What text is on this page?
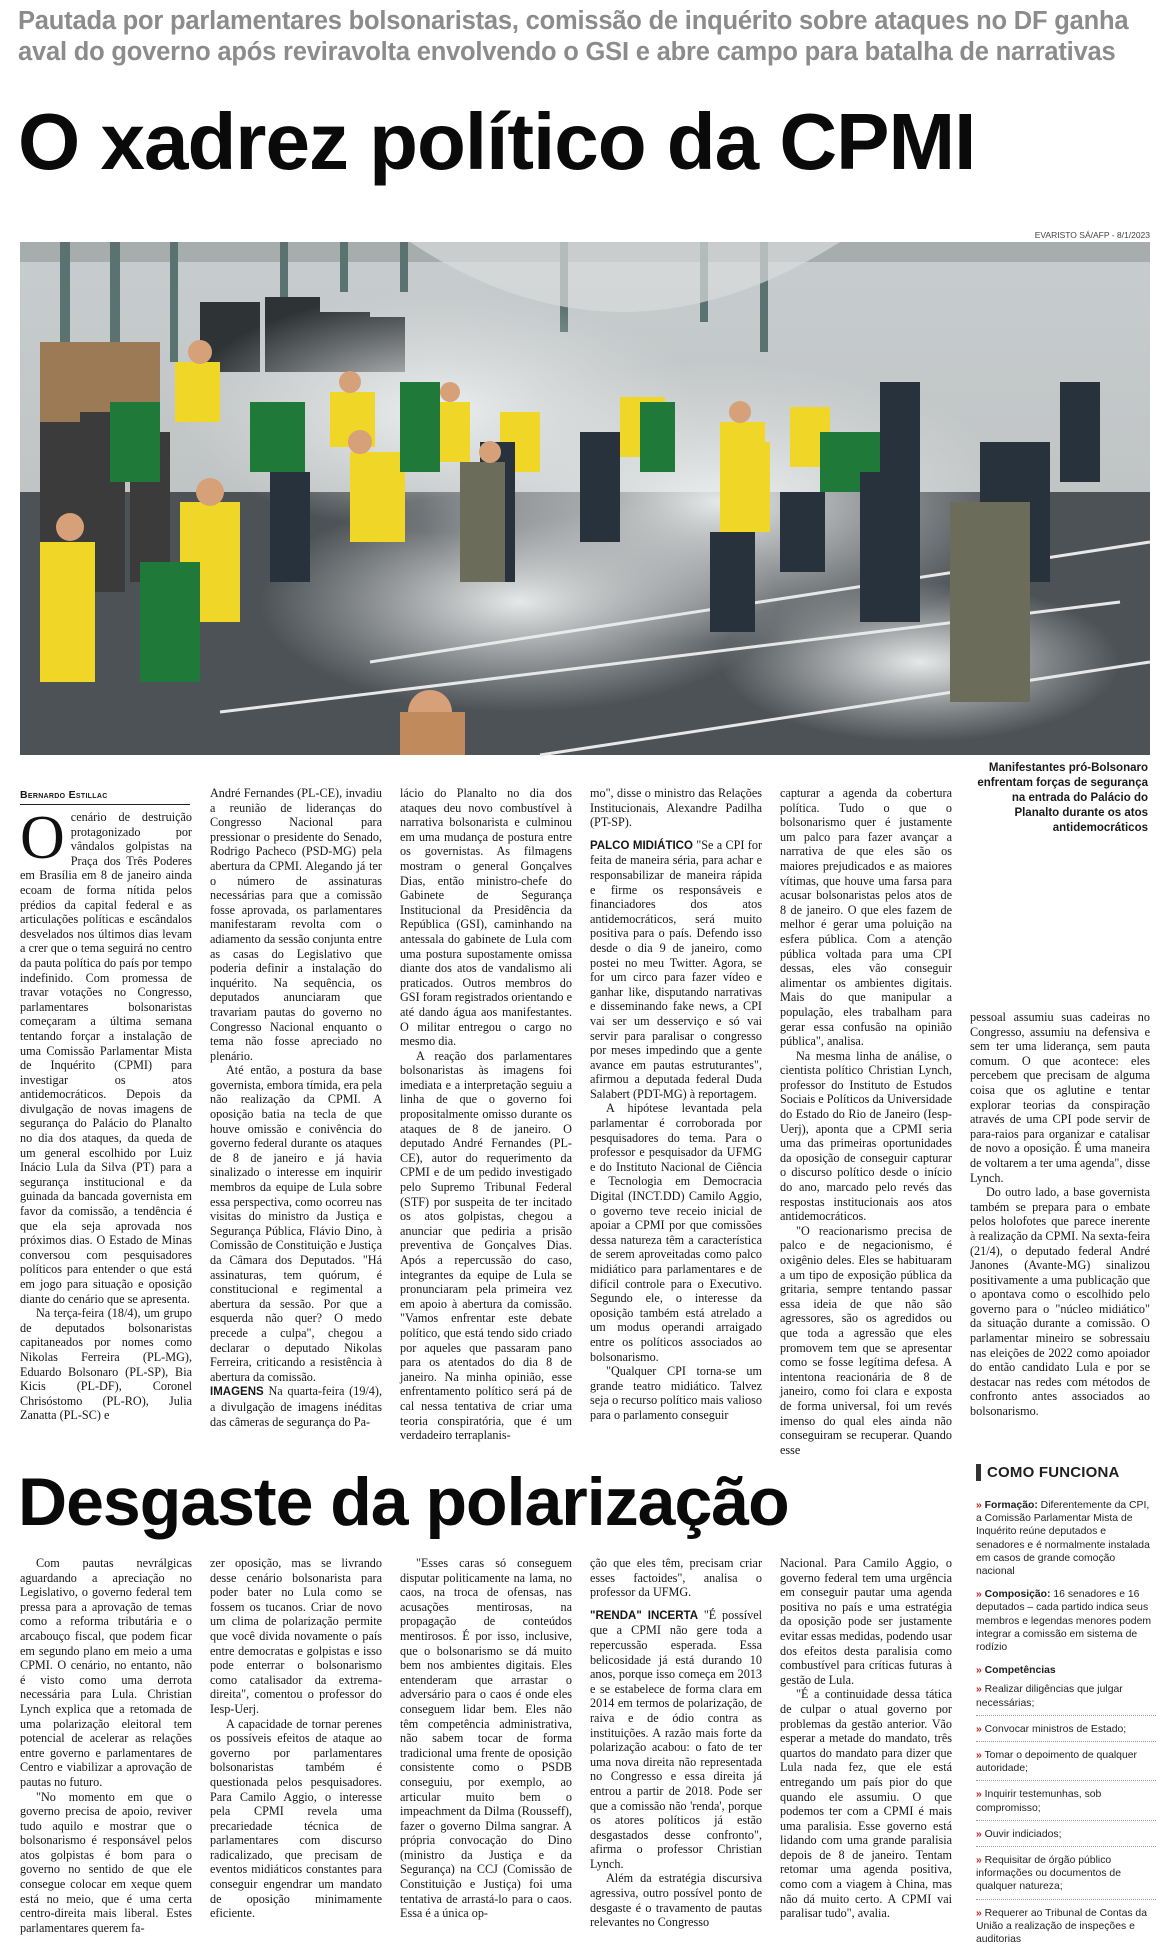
Pautada por parlamentares bolsonaristas, comissão de inquérito sobre ataques no DF ganha aval do governo após reviravolta envolvendo o GSI e abre campo para batalha de narrativas
O xadrez político da CPMI
EVARISTO SÁ/AFP - 8/1/2023
Manifestantes pró-Bolsonaro enfrentam forças de segurança na entrada do Palácio do Planalto durante os atos antidemocráticos
Bernardo Estillac

Ocenário de destruição protagonizado por vândalos golpistas na Praça dos Três Poderes em Brasília em 8 de janeiro ainda ecoam de forma nítida pelos prédios da capital federal e as articulações políticas e escândalos desvelados nos últimos dias levam a crer que o tema seguirá no centro da pauta política do país por tempo indefinido. Com promessa de travar votações no Congresso, parlamentares bolsonaristas começaram a última semana tentando forçar a instalação de uma Comissão Parlamentar Mista de Inquérito (CPMI) para investigar os atos antidemocráticos. Depois da divulgação de novas imagens de segurança do Palácio do Planalto no dia dos ataques, da queda de um general escolhido por Luiz Inácio Lula da Silva (PT) para a segurança institucional e da guinada da bancada governista em favor da comissão, a tendência é que ela seja aprovada nos próximos dias. O Estado de Minas conversou com pesquisadores políticos para entender o que está em jogo para situação e oposição diante do cenário que se apresenta.

Na terça-feira (18/4), um grupo de deputados bolsonaristas capitaneados por nomes como Nikolas Ferreira (PL-MG), Eduardo Bolsonaro (PL-SP), Bia Kicis (PL-DF), Coronel Chrisóstomo (PL-RO), Julia Zanatta (PL-SC) e

André Fernandes (PL-CE), invadiu a reunião de lideranças do Congresso Nacional para pressionar o presidente do Senado, Rodrigo Pacheco (PSD-MG) pela abertura da CPMI. Alegando já ter o número de assinaturas necessárias para que a comissão fosse aprovada, os parlamentares manifestaram revolta com o adiamento da sessão conjunta entre as casas do Legislativo que poderia definir a instalação do inquérito. Na sequência, os deputados anunciaram que travariam pautas do governo no Congresso Nacional enquanto o tema não fosse apreciado no plenário.

Até então, a postura da base governista, embora tímida, era pela não realização da CPMI. A oposição batia na tecla de que houve omissão e conivência do governo federal durante os ataques de 8 de janeiro e já havia sinalizado o interesse em inquirir membros da equipe de Lula sobre essa perspectiva, como ocorreu nas visitas do ministro da Justiça e Segurança Pública, Flávio Dino, à Comissão de Constituição e Justiça da Câmara dos Deputados. "Há assinaturas, tem quórum, é constitucional e regimental a abertura da sessão. Por que a esquerda não quer? O medo precede a culpa", chegou a declarar o deputado Nikolas Ferreira, criticando a resistência à abertura da comissão.

IMAGENS Na quarta-feira (19/4), a divulgação de imagens inéditas das câmeras de segurança do Pa-

lácio do Planalto no dia dos ataques deu novo combustível à narrativa bolsonarista e culminou em uma mudança de postura entre os governistas. As filmagens mostram o general Gonçalves Dias, então ministro-chefe do Gabinete de Segurança Institucional da Presidência da República (GSI), caminhando na antessala do gabinete de Lula com uma postura supostamente omissa diante dos atos de vandalismo ali praticados. Outros membros do GSI foram registrados orientando e até dando água aos manifestantes. O militar entregou o cargo no mesmo dia.

A reação dos parlamentares bolsonaristas às imagens foi imediata e a interpretação seguiu a linha de que o governo foi propositalmente omisso durante os ataques de 8 de janeiro. O deputado André Fernandes (PL-CE), autor do requerimento da CPMI e de um pedido investigado pelo Supremo Tribunal Federal (STF) por suspeita de ter incitado os atos golpistas, chegou a anunciar que pediria a prisão preventiva de Gonçalves Dias. Após a repercussão do caso, integrantes da equipe de Lula se pronunciaram pela primeira vez em apoio à abertura da comissão. "Vamos enfrentar este debate político, que está tendo sido criado por aqueles que passaram pano para os atentados do dia 8 de janeiro. Na minha opinião, esse enfrentamento político será pá de cal nessa tentativa de criar uma teoria conspiratória, que é um verdadeiro terraplanis-

mo", disse o ministro das Relações Institucionais, Alexandre Padilha (PT-SP).

PALCO MIDIÁTICO "Se a CPI for feita de maneira séria, para achar e responsabilizar de maneira rápida e firme os responsáveis e financiadores dos atos antidemocráticos, será muito positiva para o país. Defendo isso desde o dia 9 de janeiro, como postei no meu Twitter. Agora, se for um circo para fazer vídeo e ganhar like, disputando narrativas e disseminando fake news, a CPI vai ser um desserviço e só vai servir para paralisar o congresso por meses impedindo que a gente avance em pautas estruturantes", afirmou a deputada federal Duda Salabert (PDT-MG) à reportagem.

A hipótese levantada pela parlamentar é corroborada por pesquisadores do tema. Para o professor e pesquisador da UFMG e do Instituto Nacional de Ciência e Tecnologia em Democracia Digital (INCT.DD) Camilo Aggio, o governo teve receio inicial de apoiar a CPMI por que comissões dessa natureza têm a característica de serem aproveitadas como palco midiático para parlamentares e de difícil controle para o Executivo. Segundo ele, o interesse da oposição também está atrelado a um modus operandi arraigado entre os políticos associados ao bolsonarismo.

"Qualquer CPI torna-se um grande teatro midiático. Talvez seja o recurso político mais valioso para o parlamento conseguir

capturar a agenda da cobertura política. Tudo o que o bolsonarismo quer é justamente um palco para fazer avançar a narrativa de que eles são os maiores prejudicados e as maiores vítimas, que houve uma farsa para acusar bolsonaristas pelos atos de 8 de janeiro. O que eles fazem de melhor é gerar uma poluição na esfera pública. Com a atenção pública voltada para uma CPI dessas, eles vão conseguir alimentar os ambientes digitais. Mais do que manipular a população, eles trabalham para gerar essa confusão na opinião pública", analisa.

Na mesma linha de análise, o cientista político Christian Lynch, professor do Instituto de Estudos Sociais e Políticos da Universidade do Estado do Rio de Janeiro (Iesp-Uerj), aponta que a CPMI seria uma das primeiras oportunidades da oposição de conseguir capturar o discurso político desde o início do ano, marcado pelo revés das respostas institucionais aos atos antidemocráticos.

"O reacionarismo precisa de palco e de negacionismo, é oxigênio deles. Eles se habituaram a um tipo de exposição pública da gritaria, sempre tentando passar essa ideia de que não são agressores, são os agredidos ou que toda a agressão que eles promovem tem que se apresentar como se fosse legítima defesa. A intentona reacionária de 8 de janeiro, como foi clara e exposta de forma universal, foi um revés imenso do qual eles ainda não conseguiram se recuperar. Quando esse

pessoal assumiu suas cadeiras no Congresso, assumiu na defensiva e sem ter uma liderança, sem pauta comum. O que acontece: eles percebem que precisam de alguma coisa que os aglutine e tentar explorar teorias da conspiração através de uma CPI pode servir de para-raios para organizar e catalisar de novo a oposição. É uma maneira de voltarem a ter uma agenda", disse Lynch.

Do outro lado, a base governista também se prepara para o embate pelos holofotes que parece inerente à realização da CPMI. Na sexta-feira (21/4), o deputado federal André Janones (Avante-MG) sinalizou positivamente a uma publicação que o apontava como o escolhido pelo governo para o "núcleo midiático" da situação durante a comissão. O parlamentar mineiro se sobressaiu nas eleições de 2022 como apoiador do então candidato Lula e por se destacar nas redes com métodos de confronto antes associados ao bolsonarismo.

Desgaste da polarização

Com pautas nevrálgicas aguardando a apreciação no Legislativo, o governo federal tem pressa para a aprovação de temas como a reforma tributária e o arcabouço fiscal, que podem ficar em segundo plano em meio a uma CPMI. O cenário, no entanto, não é visto como uma derrota necessária para Lula. Christian Lynch explica que a retomada de uma polarização eleitoral tem potencial de acelerar as relações entre governo e parlamentares de Centro e viabilizar a aprovação de pautas no futuro.

"No momento em que o governo precisa de apoio, reviver tudo aquilo e mostrar que o bolsonarismo é responsável pelos atos golpistas é bom para o governo no sentido de que ele consegue colocar em xeque quem está no meio, que é uma certa centro-direita mais liberal. Estes parlamentares querem fa-

zer oposição, mas se livrando desse cenário bolsonarista para poder bater no Lula como se fossem os tucanos. Criar de novo um clima de polarização permite que você divida novamente o país entre democratas e golpistas e isso pode enterrar o bolsonarismo como catalisador da extrema-direita", comentou o professor do Iesp-Uerj.

A capacidade de tornar perenes os possíveis efeitos de ataque ao governo por parlamentares bolsonaristas também é questionada pelos pesquisadores. Para Camilo Aggio, o interesse pela CPMI revela uma precariedade técnica de parlamentares com discurso radicalizado, que precisam de eventos midiáticos constantes para conseguir engendrar um mandato de oposição minimamente eficiente.

"Esses caras só conseguem disputar politicamente na lama, no caos, na troca de ofensas, nas acusações mentirosas, na propagação de conteúdos mentirosos. É por isso, inclusive, que o bolsonarismo se dá muito bem nos ambientes digitais. Eles entenderam que arrastar o adversário para o caos é onde eles conseguem lidar bem. Eles não têm competência administrativa, não sabem tocar de forma tradicional uma frente de oposição consistente como o PSDB conseguiu, por exemplo, ao articular muito bem o impeachment da Dilma (Rousseff), fazer o governo Dilma sangrar. A própria convocação do Dino (ministro da Justiça e da Segurança) na CCJ (Comissão de Constituição e Justiça) foi uma tentativa de arrastá-lo para o caos. Essa é a única op-

ção que eles têm, precisam criar esses factoides", analisa o professor da UFMG.

"RENDA" INCERTA "É possível que a CPMI não gere toda a repercussão esperada. Essa belicosidade já está durando 10 anos, porque isso começa em 2013 e se estabelece de forma clara em 2014 em termos de polarização, de raiva e de ódio contra as instituições. A razão mais forte da polarização acabou: o fato de ter uma nova direita não representada no Congresso e essa direita já entrou a partir de 2018. Pode ser que a comissão não 'renda', porque os atores políticos já estão desgastados desse confronto", afirma o professor Christian Lynch.

Além da estratégia discursiva agressiva, outro possível ponto de desgaste é o travamento de pautas relevantes no Congresso

Nacional. Para Camilo Aggio, o governo federal tem uma urgência em conseguir pautar uma agenda positiva no país e uma estratégia da oposição pode ser justamente evitar essas medidas, podendo usar dos efeitos desta paralisia como combustível para críticas futuras à gestão de Lula.

"É a continuidade dessa tática de culpar o atual governo por problemas da gestão anterior. Vão esperar a metade do mandato, três quartos do mandato para dizer que Lula nada fez, que ele está entregando um país pior do que quando ele assumiu. O que podemos ter com a CPMI é mais uma paralisia. Esse governo está lidando com uma grande paralisia depois de 8 de janeiro. Tentam retomar uma agenda positiva, como com a viagem à China, mas não dá muito certo. A CPMI vai paralisar tudo", avalia.

COMO FUNCIONA
» Formação: Diferentemente da CPI, a Comissão Parlamentar Mista de Inquérito reúne deputados e senadores e é normalmente instalada em casos de grande comoção nacional
» Composição: 16 senadores e 16 deputados – cada partido indica seus membros e legendas menores podem integrar a comissão em sistema de rodízio
» Competências
» Realizar diligências que julgar necessárias;
» Convocar ministros de Estado;
» Tomar o depoimento de qualquer autoridade;
» Inquirir testemunhas, sob compromisso;
» Ouvir indiciados;
» Requisitar de órgão público informações ou documentos de qualquer natureza;
» Requerer ao Tribunal de Contas da União a realização de inspeções e auditorias
